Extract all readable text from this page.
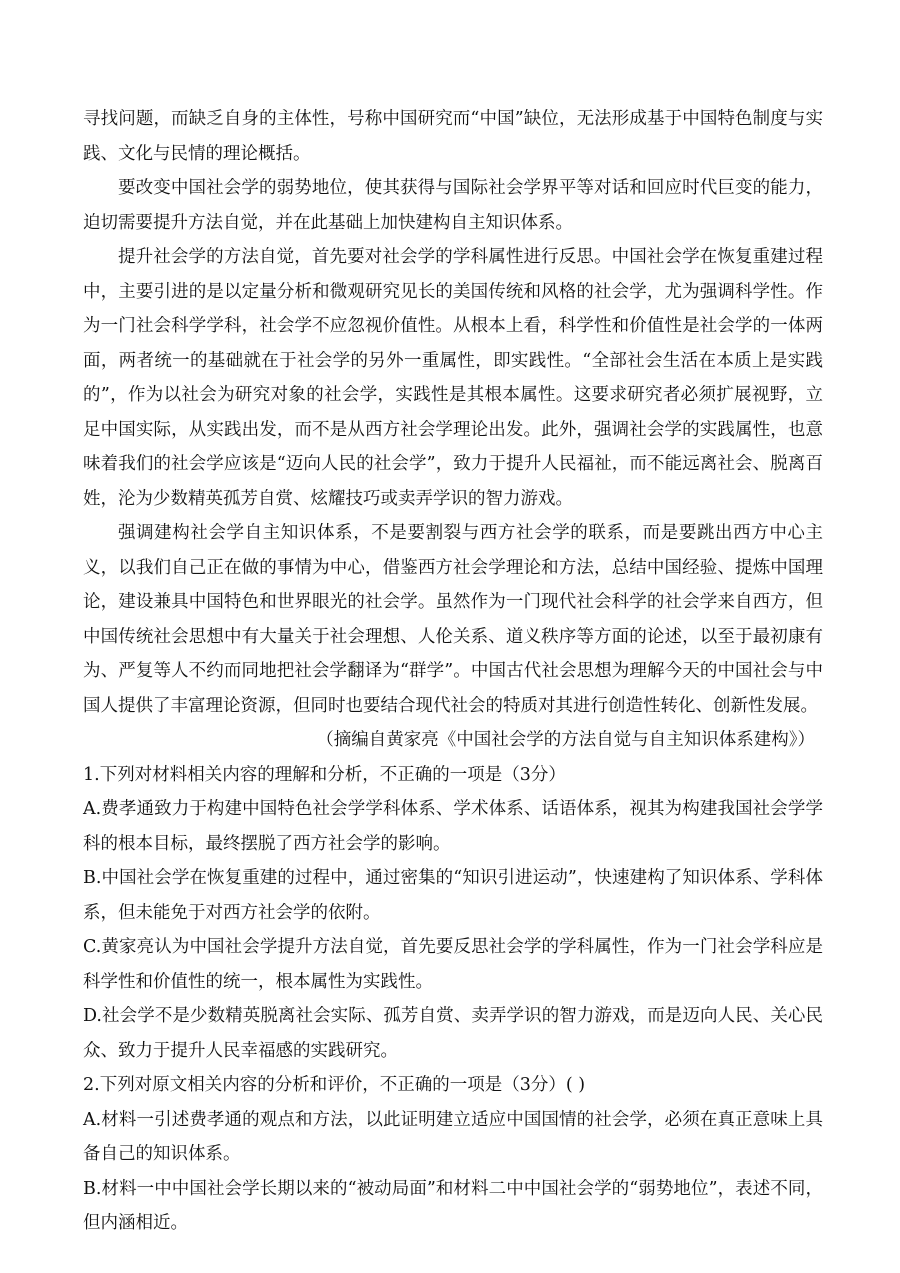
寻找问题，而缺乏自身的主体性，号称中国研究而“中国”缺位，无法形成基于中国特色制度与实践、文化与民情的理论概括。

要改变中国社会学的弱势地位，使其获得与国际社会学界平等对话和回应时代巨变的能力，迫切需要提升方法自觉，并在此基础上加快建构自主知识体系。

提升社会学的方法自觉，首先要对社会学的学科属性进行反思。中国社会学在恢复重建过程中，主要引进的是以定量分析和微观研究见长的美国传统和风格的社会学，尤为强调科学性。作为一门社会科学学科，社会学不应忽视价值性。从根本上看，科学性和价值性是社会学的一体两面，两者统一的基础就在于社会学的另外一重属性，即实践性。“全部社会生活在本质上是实践的”，作为以社会为研究对象的社会学，实践性是其根本属性。这要求研究者必须扩展视野，立足中国实际，从实践出发，而不是从西方社会学理论出发。此外，强调社会学的实践属性，也意味着我们的社会学应该是“迈向人民的社会学”，致力于提升人民福祉，而不能远离社会、脱离百姓，沦为少数精英孤芳自赏、炫耀技巧或卖弄学识的智力游戏。

强调建构社会学自主知识体系，不是要割裂与西方社会学的联系，而是要跳出西方中心主义，以我们自己正在做的事情为中心，借鉴西方社会学理论和方法，总结中国经验、提炼中国理论，建设兼具中国特色和世界眼光的社会学。虽然作为一门现代社会科学的社会学来自西方，但中国传统社会思想中有大量关于社会理想、人伦关系、道义秩序等方面的论述，以至于最初康有为、严复等人不约而同地把社会学翻译为“群学”。中国古代社会思想为理解今天的中国社会与中国人提供了丰富理论资源，但同时也要结合现代社会的特质对其进行创造性转化、创新性发展。

（摘编自黄家亮《中国社会学的方法自觉与自主知识体系建构》）

1.下列对材料相关内容的理解和分析，不正确的一项是（3分）

A.费孝通致力于构建中国特色社会学学科体系、学术体系、话语体系，视其为构建我国社会学学科的根本目标，最终摆脱了西方社会学的影响。

B.中国社会学在恢复重建的过程中，通过密集的“知识引进运动”，快速建构了知识体系、学科体系，但未能免于对西方社会学的依附。

C.黄家亮认为中国社会学提升方法自觉，首先要反思社会学的学科属性，作为一门社会学科应是科学性和价值性的统一，根本属性为实践性。

D.社会学不是少数精英脱离社会实际、孤芳自赏、卖弄学识的智力游戏，而是迈向人民、关心民众、致力于提升人民幸福感的实践研究。

2.下列对原文相关内容的分析和评价，不正确的一项是（3分）( )

A.材料一引述费孝通的观点和方法，以此证明建立适应中国国情的社会学，必须在真正意味上具备自己的知识体系。

B.材料一中中国社会学长期以来的“被动局面”和材料二中中国社会学的“弱势地位”，表述不同，但内涵相近。
